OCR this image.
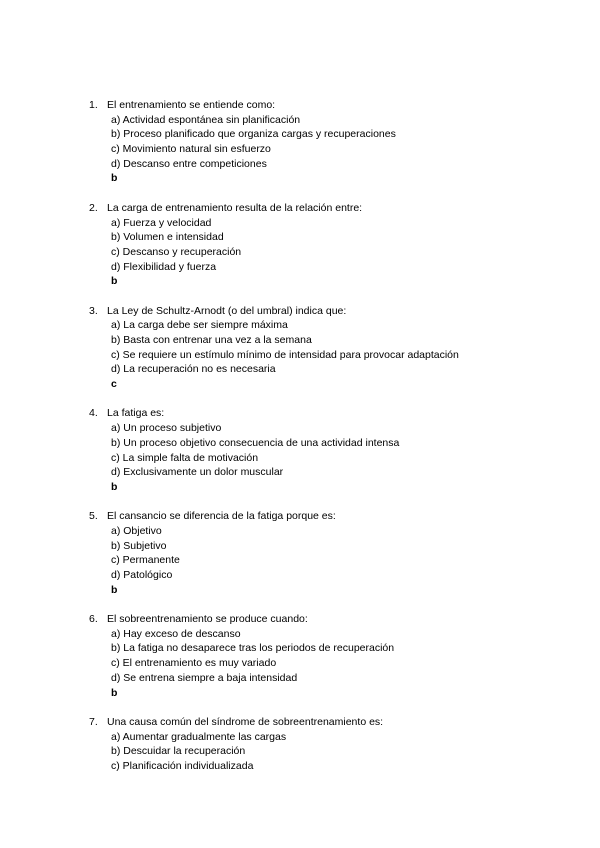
1. El entrenamiento se entiende como:
a) Actividad espontánea sin planificación
b) Proceso planificado que organiza cargas y recuperaciones
c) Movimiento natural sin esfuerzo
d) Descanso entre competiciones
b
2. La carga de entrenamiento resulta de la relación entre:
a) Fuerza y velocidad
b) Volumen e intensidad
c) Descanso y recuperación
d) Flexibilidad y fuerza
b
3. La Ley de Schultz-Arnodt (o del umbral) indica que:
a) La carga debe ser siempre máxima
b) Basta con entrenar una vez a la semana
c) Se requiere un estímulo mínimo de intensidad para provocar adaptación
d) La recuperación no es necesaria
c
4. La fatiga es:
a) Un proceso subjetivo
b) Un proceso objetivo consecuencia de una actividad intensa
c) La simple falta de motivación
d) Exclusivamente un dolor muscular
b
5. El cansancio se diferencia de la fatiga porque es:
a) Objetivo
b) Subjetivo
c) Permanente
d) Patológico
b
6. El sobreentrenamiento se produce cuando:
a) Hay exceso de descanso
b) La fatiga no desaparece tras los periodos de recuperación
c) El entrenamiento es muy variado
d) Se entrena siempre a baja intensidad
b
7. Una causa común del síndrome de sobreentrenamiento es:
a) Aumentar gradualmente las cargas
b) Descuidar la recuperación
c) Planificación individualizada
